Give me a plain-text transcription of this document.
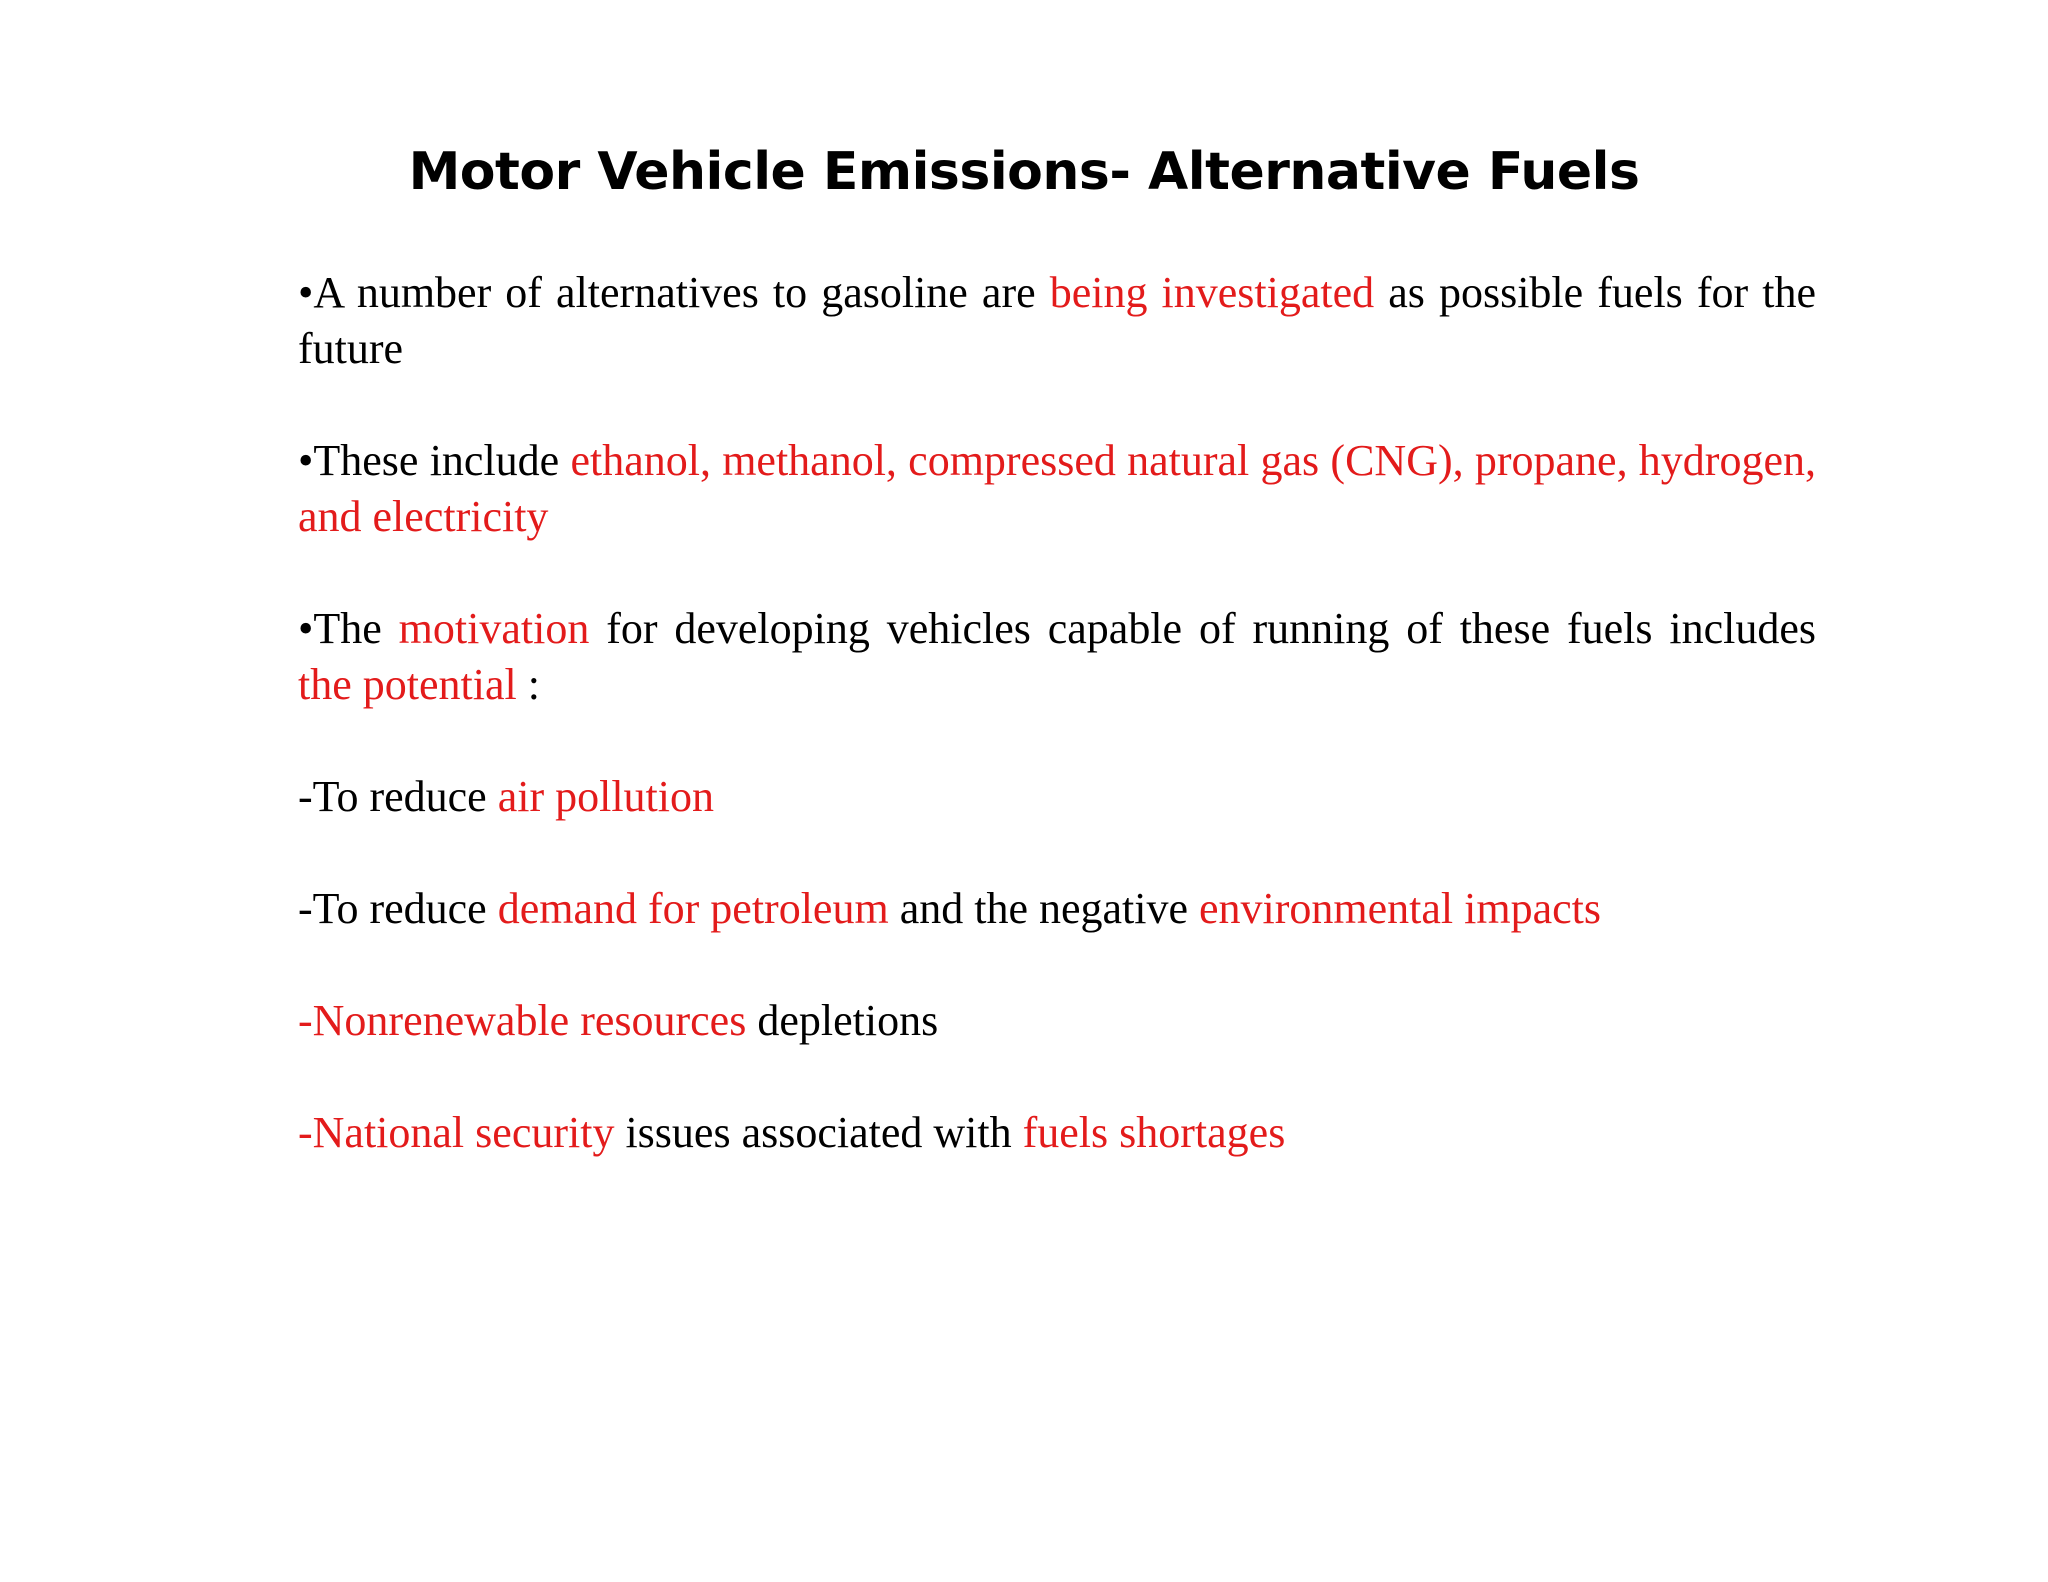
Motor Vehicle Emissions- Alternative Fuels

•A number of alternatives to gasoline are being investigated as possible fuels for the future

•These include ethanol, methanol, compressed natural gas (CNG), propane, hydrogen, and electricity

•The motivation for developing vehicles capable of running of these fuels includes the potential :

-To reduce air pollution

-To reduce demand for petroleum and the negative environmental impacts

-Nonrenewable resources depletions

-National security issues associated with fuels shortages
